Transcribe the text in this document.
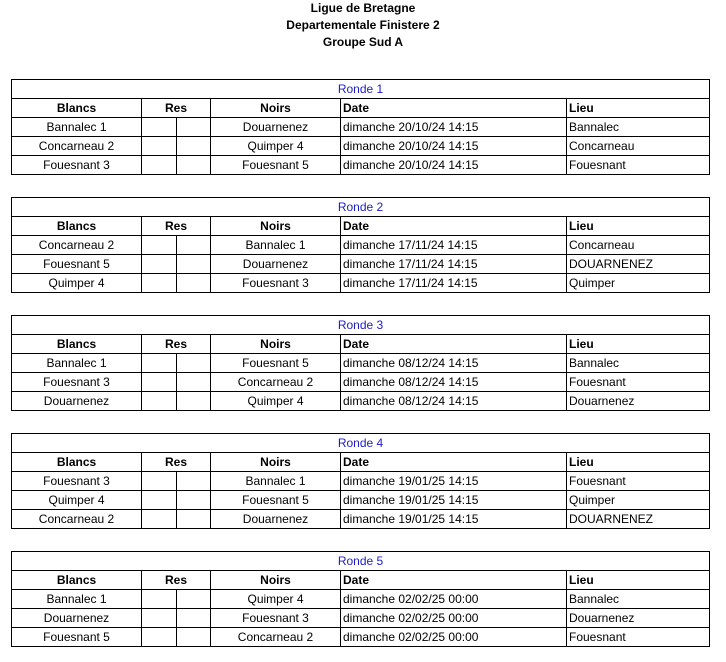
Ligue de Bretagne
Departementale Finistere 2
Groupe Sud A
Ronde 1					
Blancs	Res		Noirs	Date	Lieu
Bannalec 1			Douarnenez	dimanche 20/10/24 14:15	Bannalec
Concarneau 2			Quimper 4	dimanche 20/10/24 14:15	Concarneau
Fouesnant 3			Fouesnant 5	dimanche 20/10/24 14:15	Fouesnant
Ronde 2					
Blancs	Res		Noirs	Date	Lieu
Concarneau 2			Bannalec 1	dimanche 17/11/24 14:15	Concarneau
Fouesnant 5			Douarnenez	dimanche 17/11/24 14:15	DOUARNENEZ
Quimper 4			Fouesnant 3	dimanche 17/11/24 14:15	Quimper
Ronde 3					
Blancs	Res		Noirs	Date	Lieu
Bannalec 1			Fouesnant 5	dimanche 08/12/24 14:15	Bannalec
Fouesnant 3			Concarneau 2	dimanche 08/12/24 14:15	Fouesnant
Douarnenez			Quimper 4	dimanche 08/12/24 14:15	Douarnenez
Ronde 4					
Blancs	Res		Noirs	Date	Lieu
Fouesnant 3			Bannalec 1	dimanche 19/01/25 14:15	Fouesnant
Quimper 4			Fouesnant 5	dimanche 19/01/25 14:15	Quimper
Concarneau 2			Douarnenez	dimanche 19/01/25 14:15	DOUARNENEZ
Ronde 5					
Blancs	Res		Noirs	Date	Lieu
Bannalec 1			Quimper 4	dimanche 02/02/25 00:00	Bannalec
Douarnenez			Fouesnant 3	dimanche 02/02/25 00:00	Douarnenez
Fouesnant 5			Concarneau 2	dimanche 02/02/25 00:00	Fouesnant
